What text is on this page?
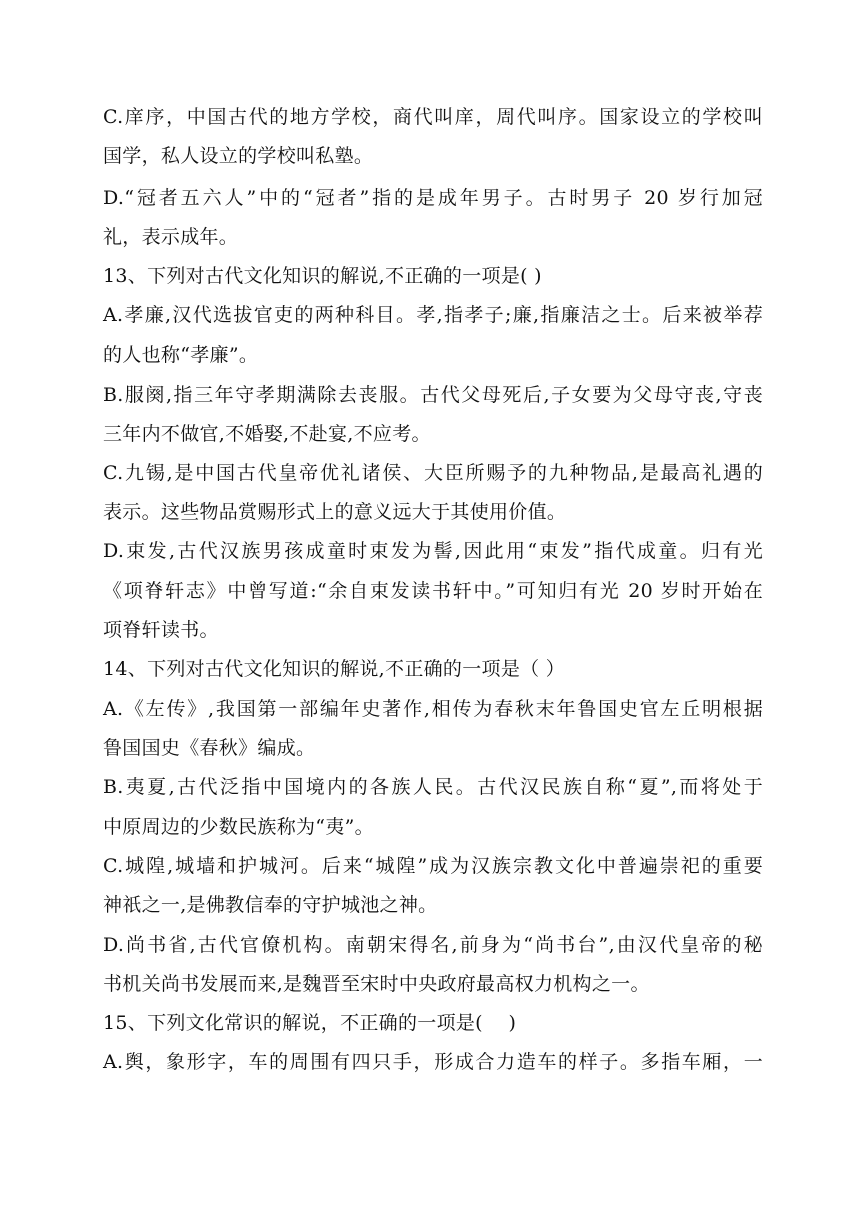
C.庠序，中国古代的地方学校，商代叫庠，周代叫序。国家设立的学校叫
国学，私人设立的学校叫私塾。
D.“冠者五六人”中的“冠者”指的是成年男子。古时男子 20 岁行加冠
礼，表示成年。
13、下列对古代文化知识的解说,不正确的一项是( )
A.孝廉,汉代选拔官吏的两种科目。孝,指孝子;廉,指廉洁之士。后来被举荐
的人也称“孝廉”。
B.服阕,指三年守孝期满除去丧服。古代父母死后,子女要为父母守丧,守丧
三年内不做官,不婚娶,不赴宴,不应考。
C.九锡,是中国古代皇帝优礼诸侯、大臣所赐予的九种物品,是最高礼遇的
表示。这些物品赏赐形式上的意义远大于其使用价值。
D.束发,古代汉族男孩成童时束发为髻,因此用“束发”指代成童。归有光
《项脊轩志》中曾写道:“余自束发读书轩中。”可知归有光 20 岁时开始在
项脊轩读书。
14、下列对古代文化知识的解说,不正确的一项是（ ）
A.《左传》,我国第一部编年史著作,相传为春秋末年鲁国史官左丘明根据
鲁国国史《春秋》编成。
B.夷夏,古代泛指中国境内的各族人民。古代汉民族自称“夏”,而将处于
中原周边的少数民族称为“夷”。
C.城隍,城墙和护城河。后来“城隍”成为汉族宗教文化中普遍崇祀的重要
神祇之一,是佛教信奉的守护城池之神。
D.尚书省,古代官僚机构。南朝宋得名,前身为“尚书台”,由汉代皇帝的秘
书机关尚书发展而来,是魏晋至宋时中央政府最高权力机构之一。
15、下列文化常识的解说，不正确的一项是(　 )
A.舆，象形字，车的周围有四只手，形成合力造车的样子。多指车厢，一
